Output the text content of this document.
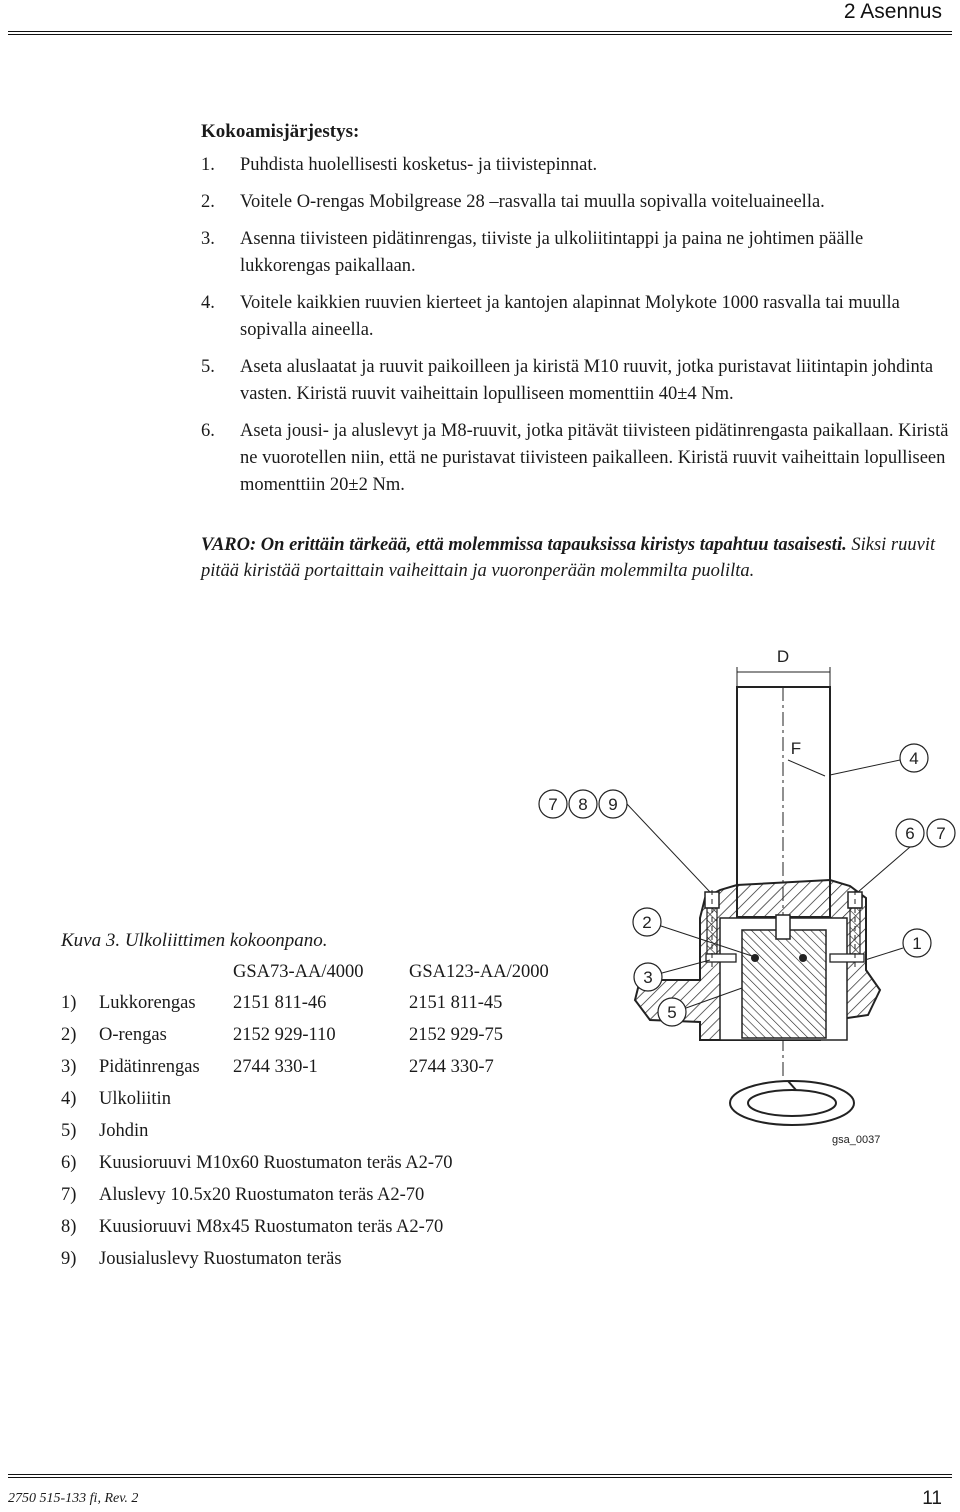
2 Asennus
Kokoamisjärjestys:
1.	Puhdista huolellisesti kosketus- ja tiivistepinnat.
2.	Voitele O-rengas Mobilgrease 28 –rasvalla tai muulla sopivalla voiteluaineella.
3.	Asenna tiivisteen pidätinrengas, tiiviste ja ulkoliitintappi ja paina ne johtimen päälle lukkorengas paikallaan.
4.	Voitele kaikkien ruuvien kierteet ja kantojen alapinnat Molykote 1000 rasvalla tai muulla sopivalla aineella.
5.	Aseta aluslaatat ja ruuvit paikoilleen ja kiristä M10 ruuvit, jotka puristavat liitintapin johdinta vasten. Kiristä ruuvit vaiheittain lopulliseen momenttiin 40±4 Nm.
6.	Aseta jousi- ja aluslevyt ja M8-ruuvit, jotka pitävät tiivisteen pidätinrengasta paikallaan. Kiristä ne vuorotellen niin, että ne puristavat tiivisteen paikalleen. Kiristä ruuvit vaiheittain lopulliseen momenttiin 20±2 Nm.
VARO: On erittäin tärkeää, että molemmissa tapauksissa kiristys tapahtuu tasaisesti. Siksi ruuvit pitää kiristää portaittain vaiheittain ja vuoronperään molemmilta puolilta.
D
F
4
7 8 9
6 7
2
3
5
1
gsa_0037
Kuva 3. Ulkoliittimen kokoonpano.
GSA73-AA/4000 GSA123-AA/2000
1) Lukkorengas 2151 811-46	2151 811-45
2) O-rengas	2152 929-110	2152 929-75
3) Pidätinrengas 2744 330-1	2744 330-7
4) Ulkoliitin
5) Johdin
6) Kuusioruuvi M10x60 Ruostumaton teräs A2-70
7) Aluslevy 10.5x20 Ruostumaton teräs A2-70
8) Kuusioruuvi M8x45 Ruostumaton teräs A2-70
9) Jousialuslevy Ruostumaton teräs
2750 515-133 fi, Rev. 2	11
